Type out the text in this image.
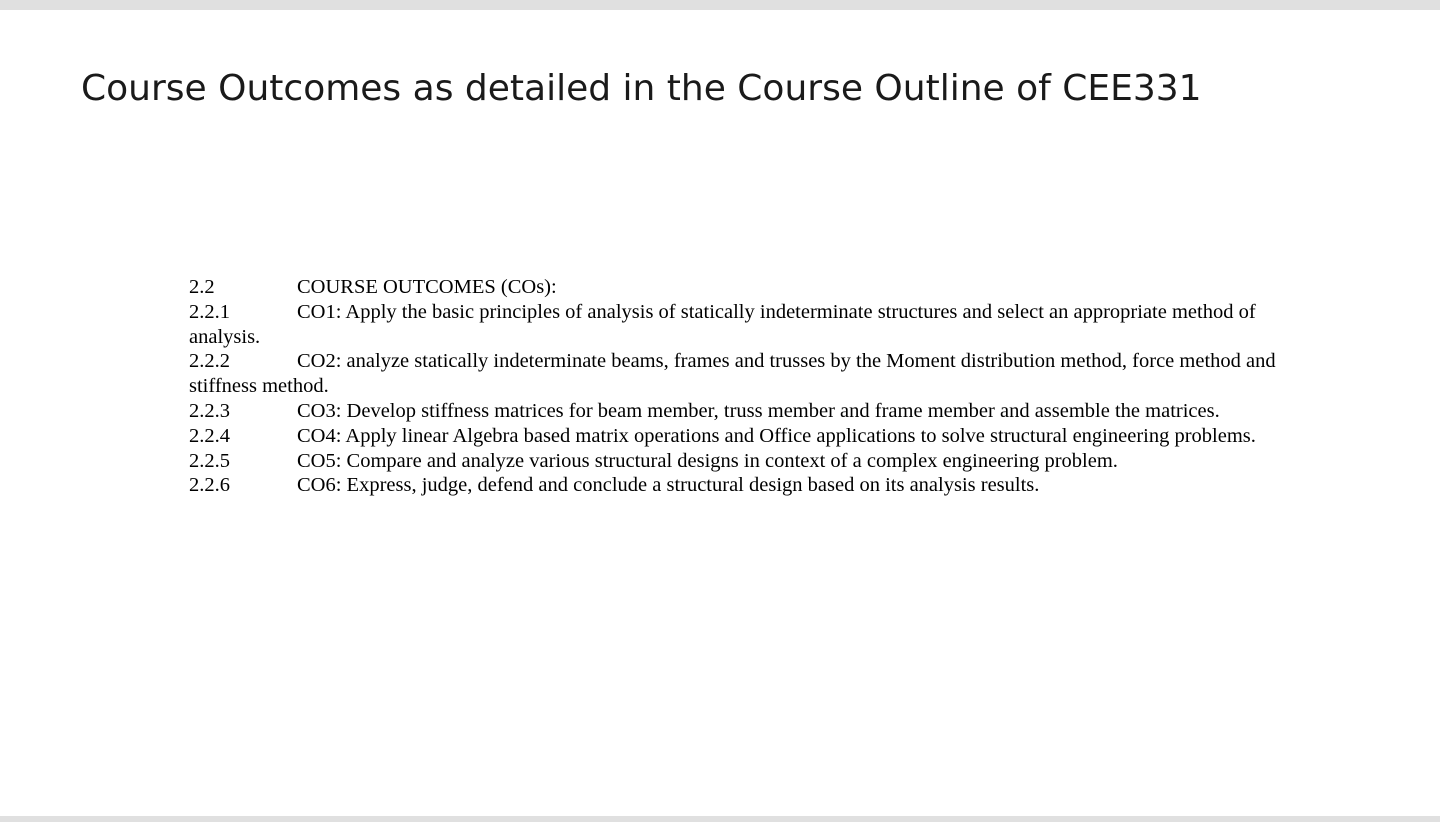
Course Outcomes as detailed in the Course Outline of CEE331

2.2	COURSE OUTCOMES (COs):

2.2.1	CO1: Apply the basic principles of analysis of statically indeterminate structures and select an appropriate method of analysis.

2.2.2	CO2: analyze statically indeterminate beams, frames and trusses by the Moment distribution method, force method and stiffness method.

2.2.3	CO3: Develop stiffness matrices for beam member, truss member and frame member and assemble the matrices.

2.2.4	CO4: Apply linear Algebra based matrix operations and Office applications to solve structural engineering problems.

2.2.5	CO5: Compare and analyze various structural designs in context of a complex engineering problem.

2.2.6	CO6: Express, judge, defend and conclude a structural design based on its analysis results.
